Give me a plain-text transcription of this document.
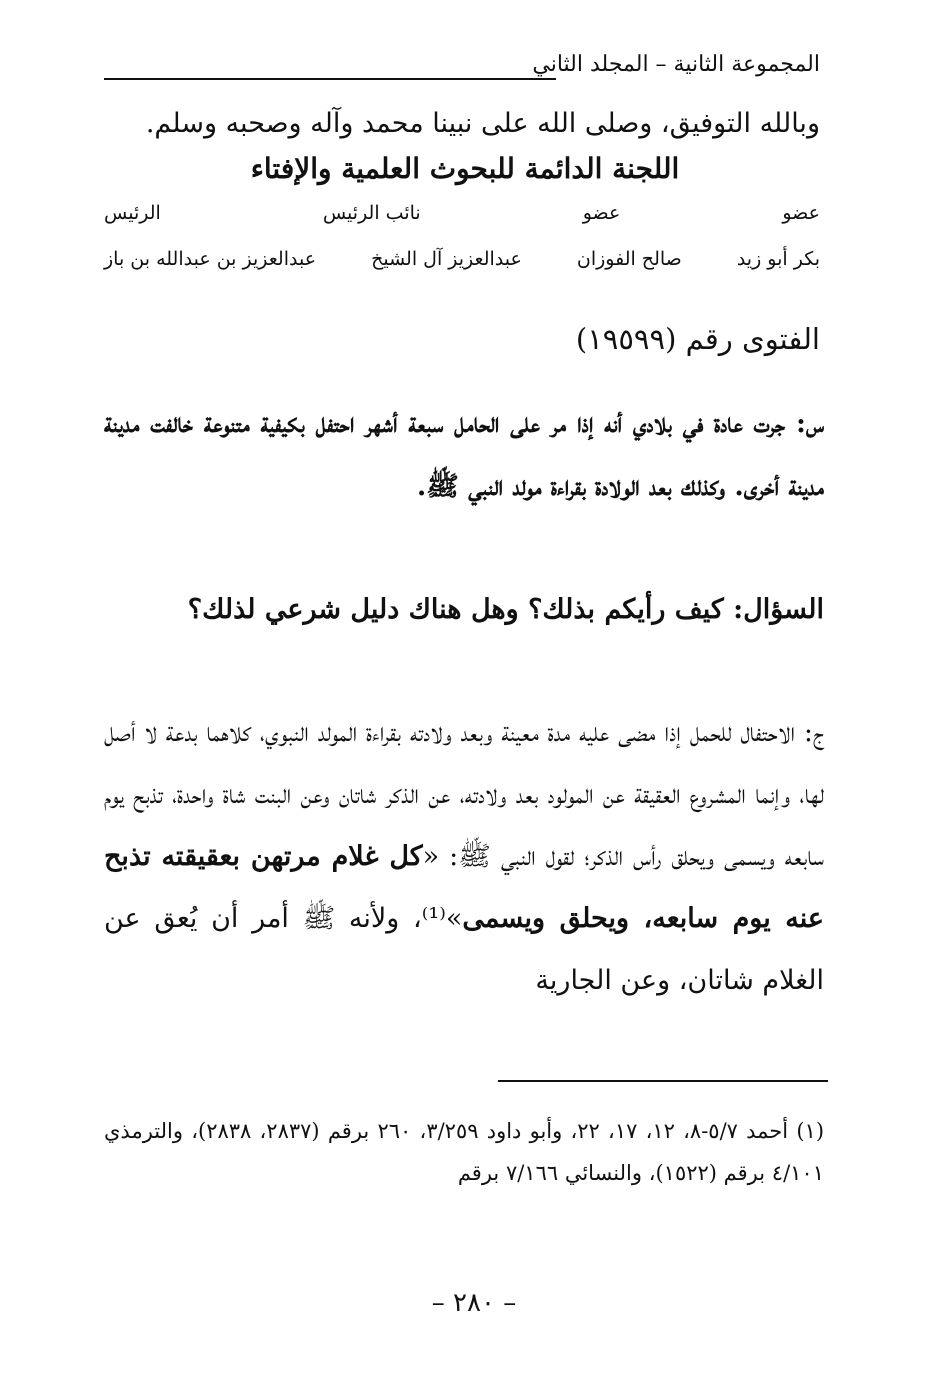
المجموعة الثانية – المجلد الثاني
وبالله التوفيق، وصلى الله على نبينا محمد وآله وصحبه وسلم.
اللجنة الدائمة للبحوث العلمية والإفتاء
عضو
عضو
نائب الرئيس
الرئيس
بكر أبو زيد
صالح الفوزان
عبدالعزيز آل الشيخ
عبدالعزيز بن عبدالله بن باز
الفتوى رقم (١٩٥٩٩)
س: جرت عادة في بلادي أنه إذا مر على الحامل سبعة أشهر احتفل بكيفية متنوعة خالفت مدينة مدينة أخرى. وكذلك بعد الولادة بقراءة مولد النبي ﷺ.
السؤال: كيف رأيكم بذلك؟ وهل هناك دليل شرعي لذلك؟
ج: الاحتفال للحمل إذا مضى عليه مدة معينة وبعد ولادته بقراءة المولد النبوي، كلاهما بدعة لا أصل لها، وإنما المشروع العقيقة عن المولود بعد ولادته، عن الذكر شاتان وعن البنت شاة واحدة، تذبح يوم سابعه ويسمى ويحلق رأس الذكر؛ لقول النبي ﷺ: «كل غلام مرتهن بعقيقته تذبح عنه يوم سابعه، ويحلق ويسمى»⁽¹⁾، ولأنه ﷺ أمر أن يُعق عن الغلام شاتان، وعن الجارية
(١) أحمد ٥/٧-٨، ١٢، ١٧، ٢٢، وأبو داود ٣/٢٥٩، ٢٦٠ برقم (٢٨٣٧، ٢٨٣٨)، والترمذي ٤/١٠١ برقم (١٥٢٢)، والنسائي ٧/١٦٦ برقم
– ٢٨٠ –
